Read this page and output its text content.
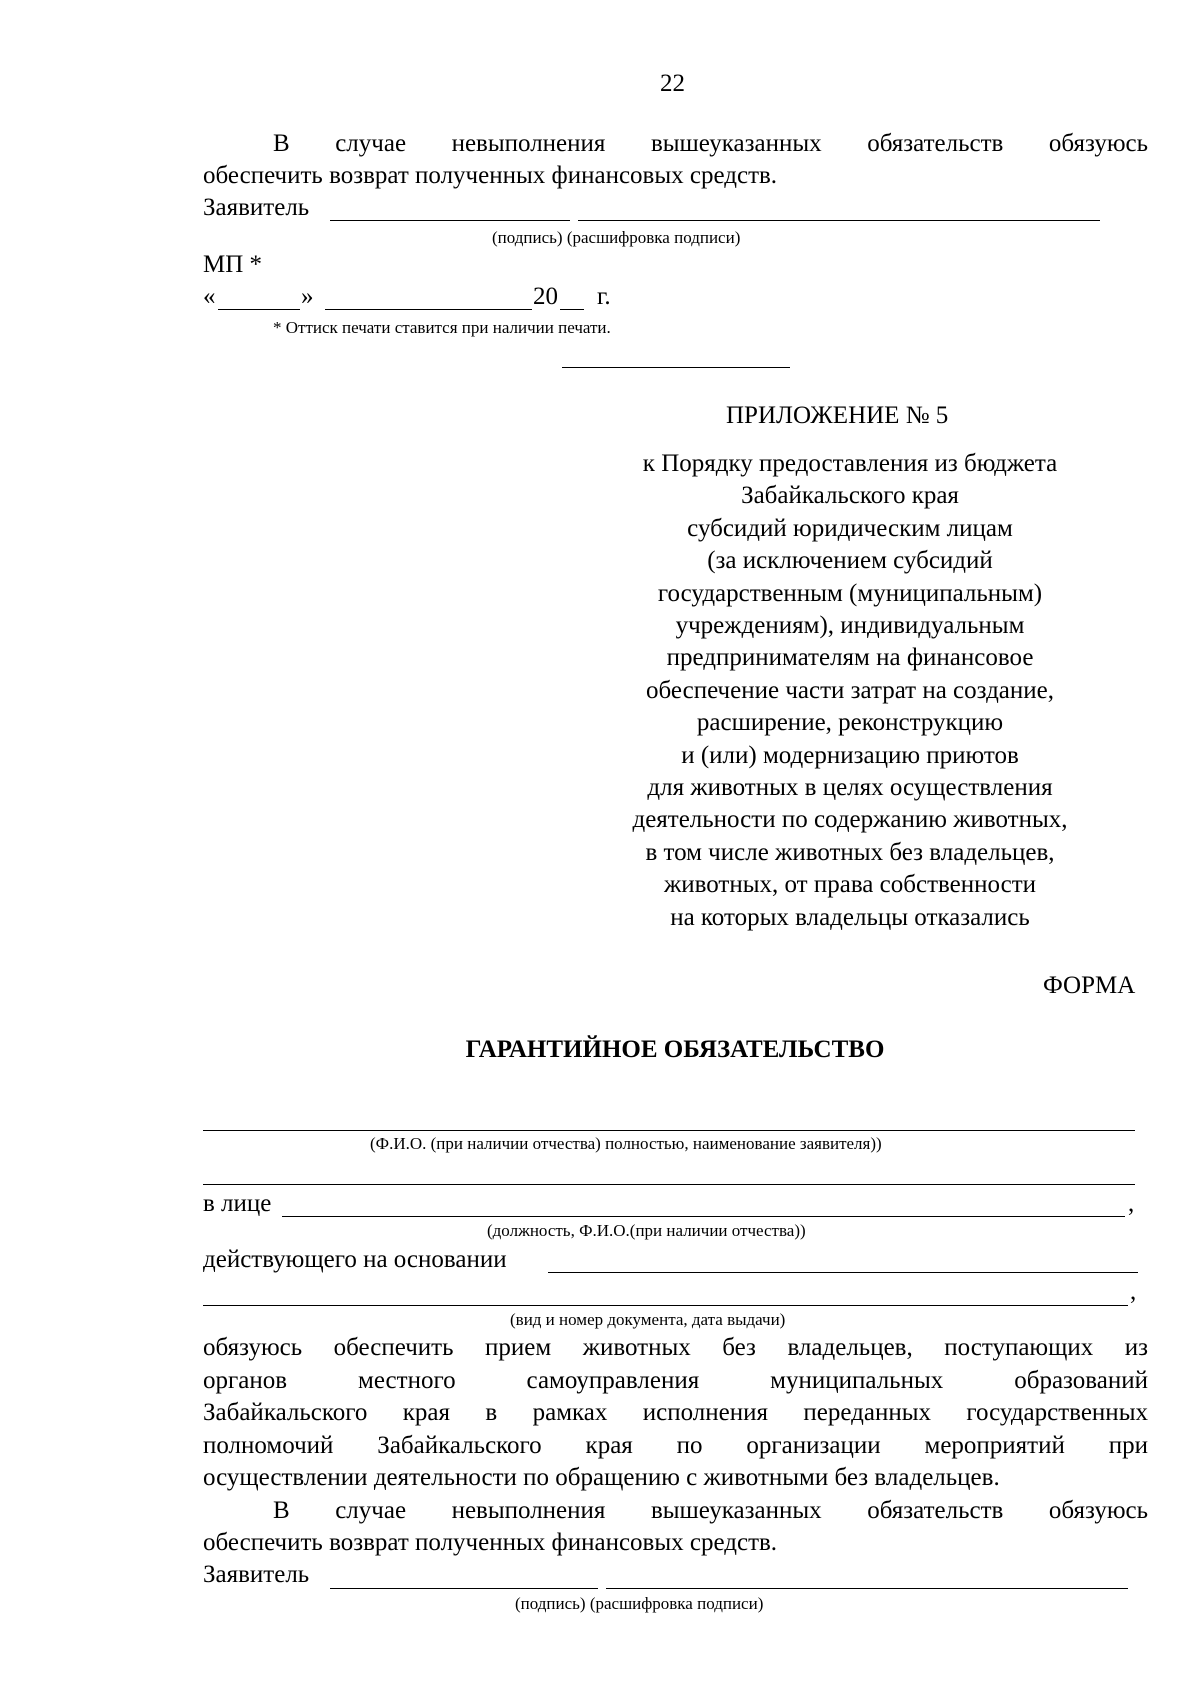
22
В случае невыполнения вышеуказанных обязательств обязуюсь
обеспечить возврат полученных финансовых средств.
Заявитель
(подпись) (расшифровка подписи)
МП *
«	»	20 г.
* Оттиск печати ставится при наличии печати.
ПРИЛОЖЕНИЕ № 5
к Порядку предоставления из бюджета
Забайкальского края
субсидий юридическим лицам
(за исключением субсидий
государственным (муниципальным)
учреждениям), индивидуальным
предпринимателям на финансовое
обеспечение части затрат на создание,
расширение, реконструкцию
и (или) модернизацию приютов
для животных в целях осуществления
деятельности по содержанию животных,
в том числе животных без владельцев,
животных, от права собственности
на которых владельцы отказались
ФОРМА
ГАРАНТИЙНОЕ ОБЯЗАТЕЛЬСТВО
(Ф.И.О. (при наличии отчества) полностью, наименование заявителя))
в лице	,
(должность, Ф.И.О.(при наличии отчества))
действующего на основании
,
(вид и номер документа, дата выдачи)
обязуюсь обеспечить прием животных без владельцев, поступающих из
органов местного самоуправления муниципальных образований
Забайкальского края в рамках исполнения переданных государственных
полномочий Забайкальского края по организации мероприятий при
осуществлении деятельности по обращению с животными без владельцев.
В случае невыполнения вышеуказанных обязательств обязуюсь
обеспечить возврат полученных финансовых средств.
Заявитель
(подпись) (расшифровка подписи)
